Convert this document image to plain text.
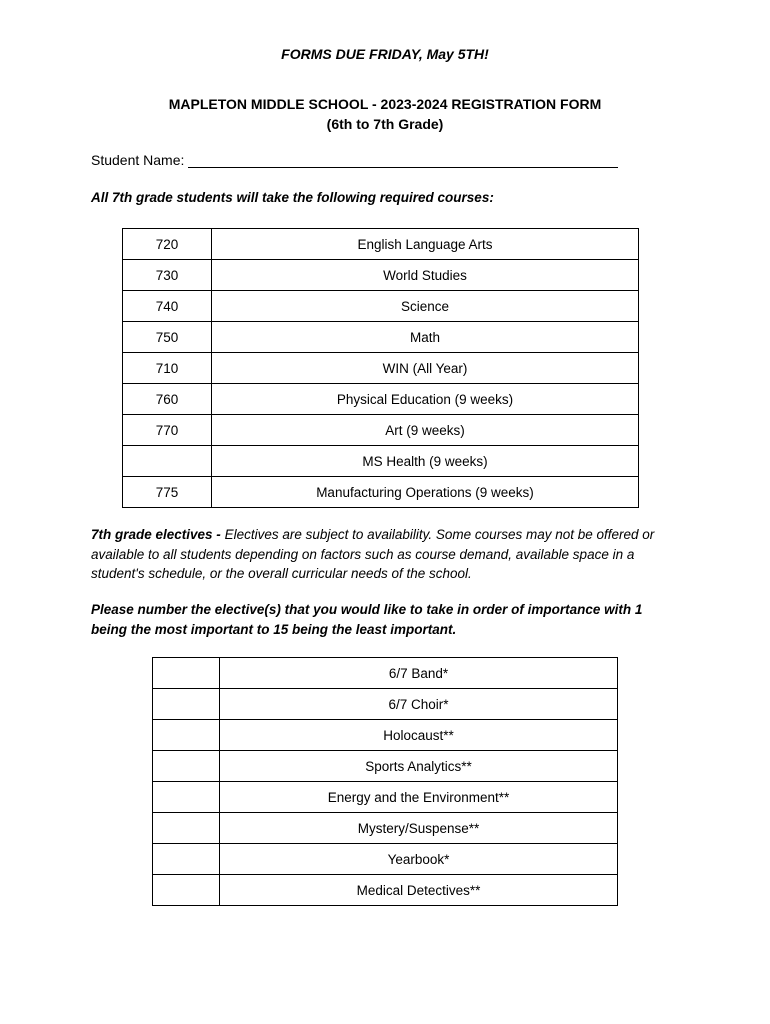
FORMS DUE FRIDAY, May 5TH!
MAPLETON MIDDLE SCHOOL - 2023-2024 REGISTRATION FORM
(6th to 7th Grade)
Student Name:
All 7th grade students will take the following required courses:
720	English Language Arts
730	World Studies
740	Science
750	Math
710	WIN (All Year)
760	Physical Education (9 weeks)
770	Art (9 weeks)
	MS Health (9 weeks)
775	Manufacturing Operations (9 weeks)
7th grade electives - Electives are subject to availability. Some courses may not be offered or available to all students depending on factors such as course demand, available space in a student's schedule, or the overall curricular needs of the school.
Please number the elective(s) that you would like to take in order of importance with 1 being the most important to 15 being the least important.
	6/7 Band*
	6/7 Choir*
	Holocaust**
	Sports Analytics**
	Energy and the Environment**
	Mystery/Suspense**
	Yearbook*
	Medical Detectives**
